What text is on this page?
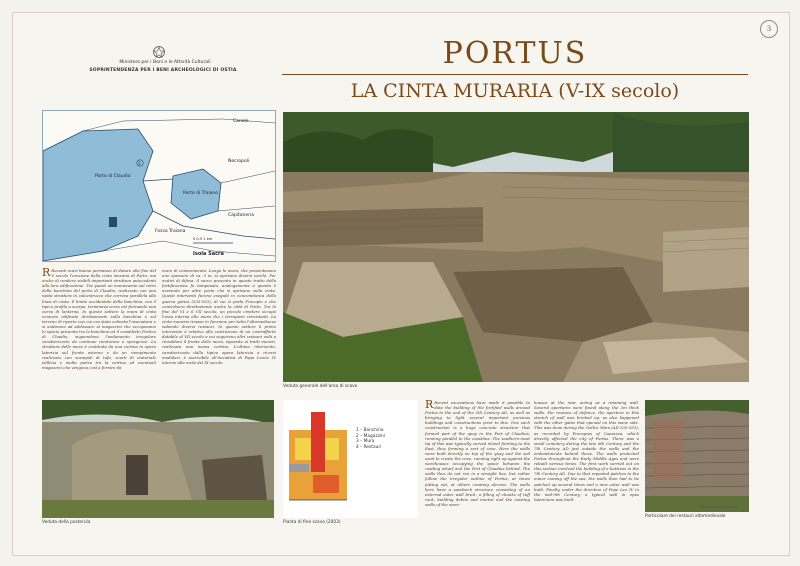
3
Ministero per i Beni e le Attività Culturali
SOPRINTENDENZA PER I BENI ARCHEOLOGICI DI OSTIA	PORTUS
LA CINTA MURARIA (V-IX secolo)
Porto di Claudio
Porto di Traiano
Isola Sacra
1
Canale
Necropoli
Capitaneria
Fossa Traiana
0 0.5 1 km

R Recenti scavi hanno permesso di datare alla fine del V secolo l'erezione della cinta muraria di Porto, ma anche di rendere visibili importanti strutture antecedenti alla loro edificazione. Tra questi un monumento sul retro della banchina del porto di Claudio, realizzato con una vasta struttura in calcestruzzo che correva parallela alla linea di costa. Il limite occidentale della banchina, con il tipico profilo a scarpa, terminava verso est formando una curva di lanterna. In questo settore la mura di cinta vennero edificate direttamente sulla banchina e sul terreno di riporto con cui era stata colmata l'insenatura e si andarono ad addossare ai magazzini che occupavano lo spazio presente tra la banchina ed il cosiddetto Portico di Claudio, seguendone l'andamento irregolare caratterizzato da continue rientranze e sporgenze. La struttura delle mura è costituita da una cortina in opera laterizia sul fronte esterno e da un riempimento realizzato con scampoli di tufo, scarti di materiale edilizio e molta pietra tra la cortina ed eventuali magazzini che vengono così a fornire da

muro di contenimento. Lungo le mura, che presentavano uno spessore di ca. 3 m, si aprivano diversi varchi. Per motivi di difesa, il varco presente in questo tratto della fortificazione fu tamponato, analogamente a quanto è avvenuto per altre porte che si aprivano sulla cinta. Questi interventi furono eseguiti in concomitanza della guerra gotica (535-553), di cui si parla Procopio e che coinvolsero direttamente anche la città di Porto. Tra la fine del VI e il VII secolo, un piccolo cimitero occupò l'area interna alle mura che i terrapieni retrostanti. La cinta muraria rimase in funzione per tutto l'altomedioevo subendo diversi restauri. In questo settore il primo intervento è relativo alla costruzione di un contrafforte databile al VII secolo a cui seguirono altri restauri volti a rinsaldare il fronte delle mura, ispessite ai tratti murari, realizzata una nuova cortina. L'ultimo intervento, caratterizzato dalla tipica opera laterizia a ricorsi modulari, è ascrivibile all'iniziativa di Papa Leone IV intorno alla metà del IX secolo.

Veduta generale dell'area di scavo
Veduta della posterula
1 – Banchina
2 – Magazzini
3 – Mura
4 – Restauri
Pianta di fine scavo (2003)

R Recent excavations have made it possible to date the building of the fortified walls around Portus to the end of the 5th Century AD, as well as bringing to light several important previous buildings and constructions prior to this. One such construction is a huge concrete structure that formed part of the quay in the Port of Claudius, running parallel to the coastline. The southern-most tip of this was typically curved inland forming to the East, thus forming a sort of cove. Here the walls were built directly on top of the quay and the soil used to create the cove, running right up against the warehouses occupying the space between the roading wharf and the Port of Claudius behind. The walls thus do not run in a straight line, but rather follow the irregular outline of Portus, at times jutting out, at others creating alcoves. The walls here have a sandwich structure consisting of an external outer wall brick, a filling of chunks of tuff rock, building debris and mortar and the existing walls of the ware-

houses at the rear, acting as a retaining wall. Several apertures were found along the 3m thick walls. For reasons of defence, the aperture in this stretch of wall was bricked up, as also happened with the other gates that opened on this same side. This was done during the Gothic Wars (AD 535-553), as recorded by Procopius of Caesarea, which directly affected the city of Portus. There was a small cemetery during the late 6th Century and the 7th Century AD just outside the walls and the embankments behind these. The walls protected Portus throughout the Early Middle Ages and were rebuilt various times. The first work carried out on this section involved the building of a buttress in the 7th Century AD. Due to that repeated patches to the minor coming off the sea, the walls then had to be patched up several times and a new outer wall was built. Finally, under the direction of Pope Leo IV in the mid-9th Century, a typical wall in opus latericium was built.

Particolare dei restauri altomedievale
www.portusonline.it
